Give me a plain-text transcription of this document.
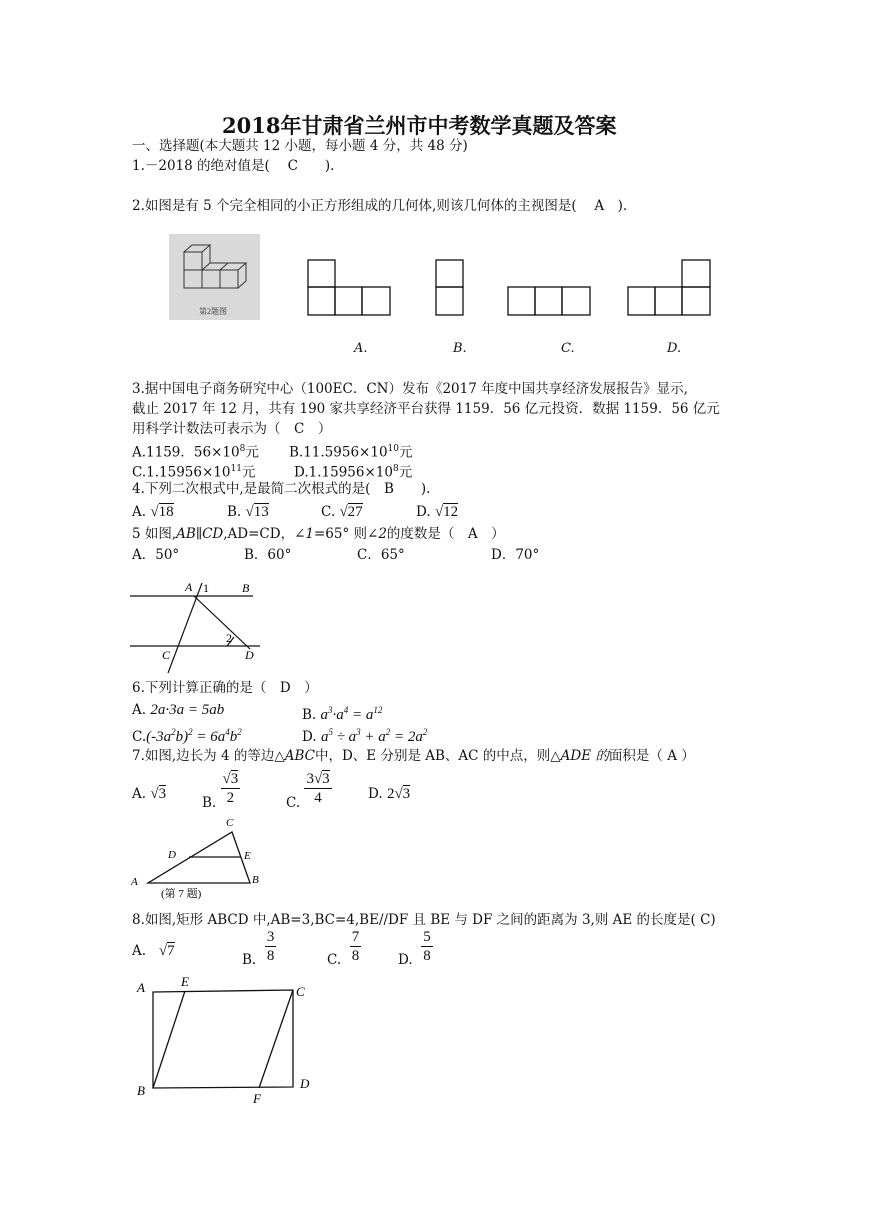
2018年甘肃省兰州市中考数学真题及答案
一、选择题(本大题共 12 小题，每小题 4 分，共 48 分)
1.－2018 的绝对值是(　 C　　).
2.如图是有 5 个完全相同的小正方形组成的几何体,则该几何体的主视图是(　 A　).
第2题图
A.	B.	C.	D.
3.据中国电子商务研究中心（100EC．CN）发布《2017 年度中国共享经济发展报告》显示,
截止 2017 年 12 月，共有 190 家共享经济平台获得 1159．56 亿元投资．数据 1159．56 亿元
用科学计数法可表示为（　C　）
A.1159．$56\times 10^8$元 $B.11.5956\times 10^{10}$元
$C.1.15956\times 10^{11}$元	$D.1.15956\times 10^8$元
4.下列二次根式中,是最简二次根式的是(　B　　).
A. √18	B. √13	C. √27	D. √12
5 如图,AB∥CD,AD=CD，∠1=65° 则∠2的度数是（　A　）
A．50°	B．60°	C．65°	D．70°
A 1	B
2
C	D
6.下列计算正确的是（　D　）
A. 2a·3a = 5ab	B. $a^3\cdot a^4 = a^{12}$
$C.(-3a^2b)^2 = 6a^4b^2$	D. $a^5 \div a^3 + a^2 = 2a^2$
7.如图,边长为 4 的等边△ABC中，D、E 分别是 AB、AC 的中点，则△ADE 的面积是（ A ）
A. √3
B. $\frac{√3}{2}$	C. $\frac{3√3}{4}$	D. 2√3
C
D	E
A	B
(第 7 题)
8.如图,矩形 ABCD 中,AB=3,BC=4,BE//DF 且 BE 与 DF 之间的距离为 3,则 AE 的长度是( C)
A. √7
B. $\frac{3}{8}$	C. $\frac{7}{8}$	D. $\frac{5}{8}$
A	E
C
B	D
F
